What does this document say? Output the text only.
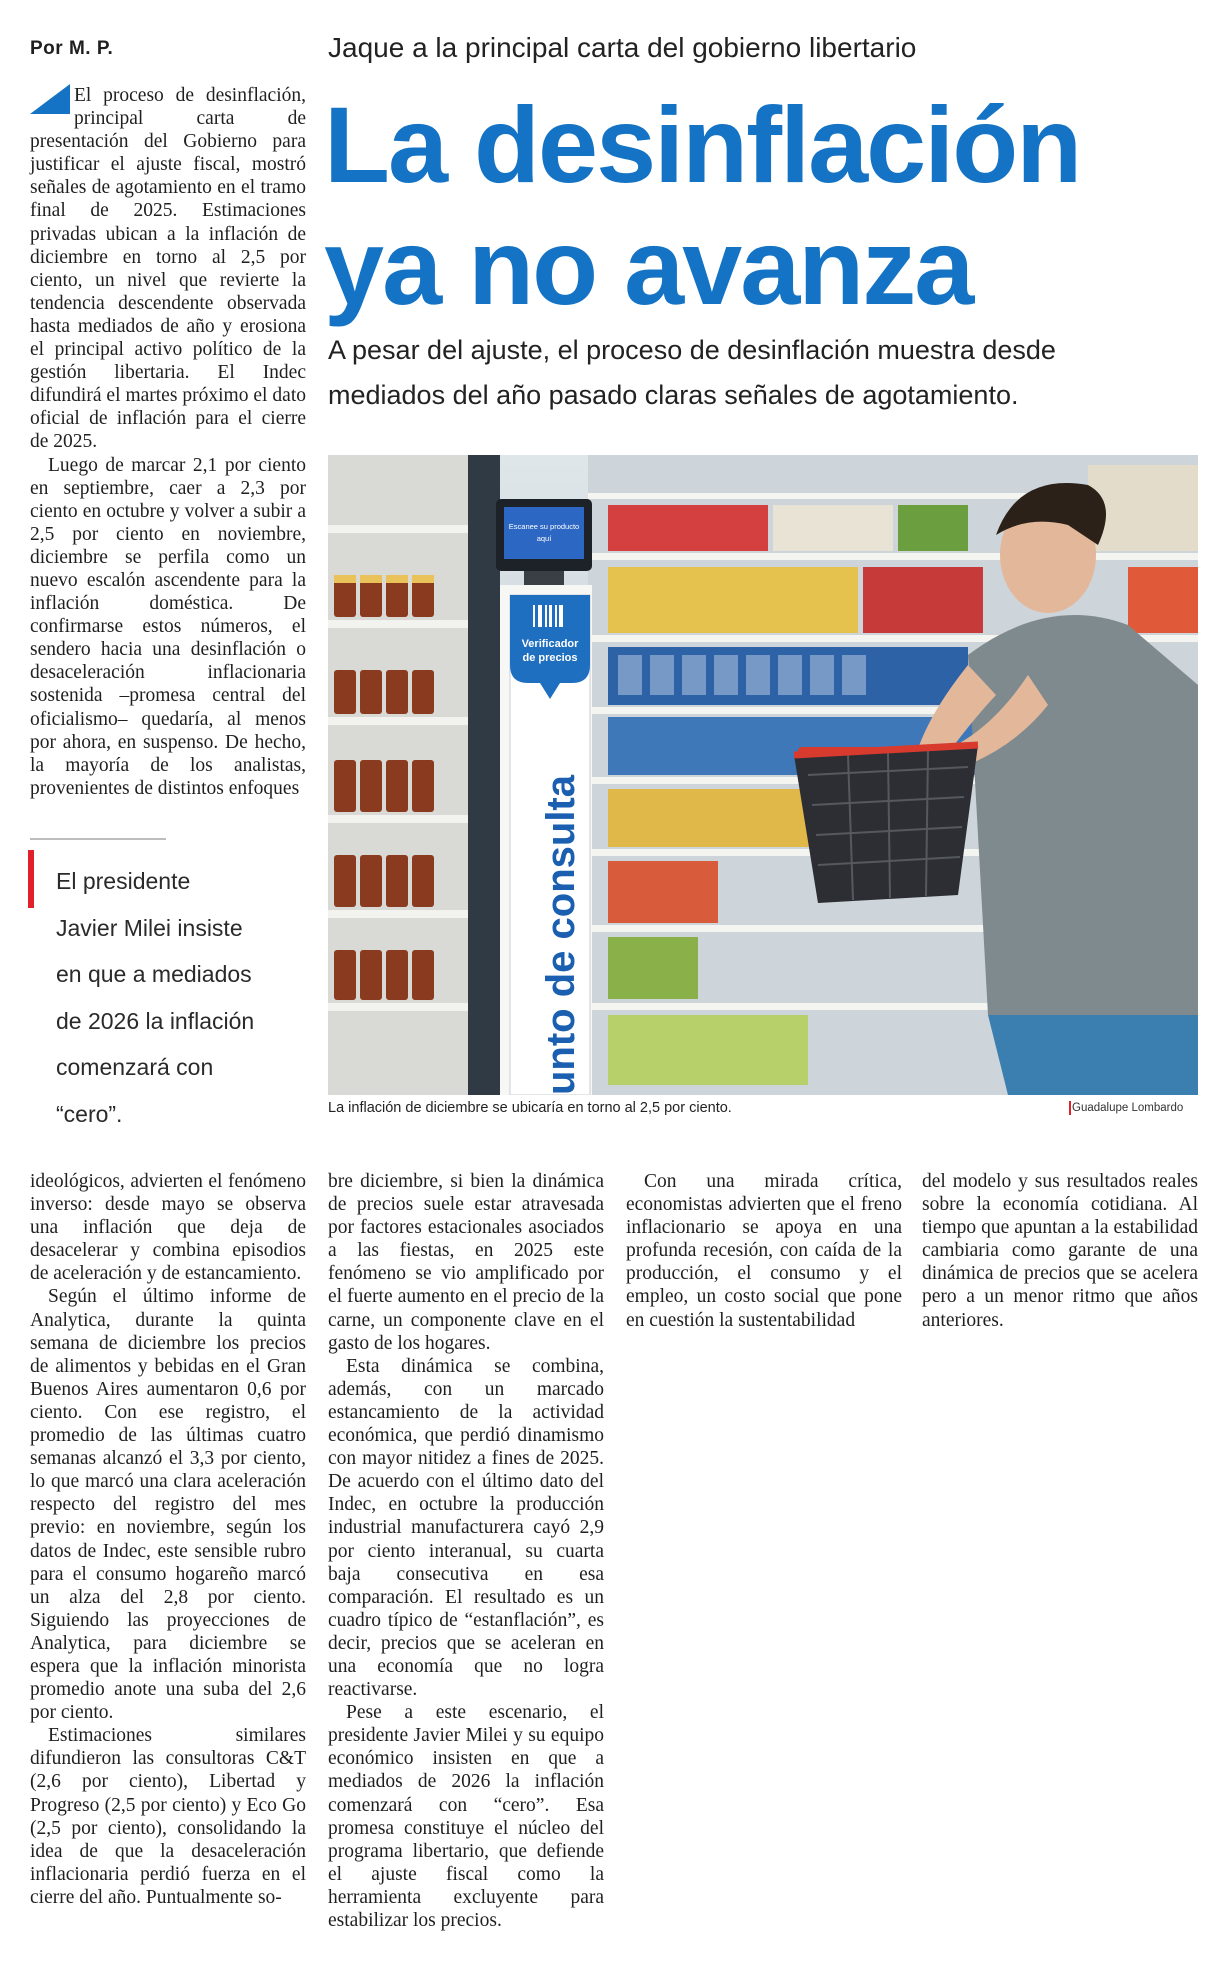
Por M. P.	Jaque a la principal carta del gobierno libertario
La desinflación
ya no avanza
A pesar del ajuste, el proceso de desinflación muestra desde
mediados del año pasado claras señales de agotamiento.

El proceso de desinflación, principal carta de presentación del Gobierno para justificar el ajuste fiscal, mostró señales de agotamiento en el tramo final de 2025. Estimaciones privadas ubican a la inflación de diciembre en torno al 2,5 por ciento, un nivel que revierte la tendencia descendente observada hasta mediados de año y erosiona el principal activo político de la gestión libertaria. El Indec difundirá el martes próximo el dato oficial de inflación para el cierre de 2025.

Luego de marcar 2,1 por ciento en septiembre, caer a 2,3 por ciento en octubre y volver a subir a 2,5 por ciento en noviembre, diciembre se perfila como un nuevo escalón ascendente para la inflación doméstica. De confirmarse estos números, el sendero hacia una desinflación o desaceleración inflacionaria sostenida –promesa central del oficialismo– quedaría, al menos por ahora, en suspenso. De hecho, la mayoría de los analistas, provenientes de distintos enfoques

El presidente
Javier Milei insiste
en que a mediados
de 2026 la inflación
comenzará con
“cero”.
Escanee su producto
aquí
Verificador
de precios
unto de consulta
La inflación de diciembre se ubicaría en torno al 2,5 por ciento.	Guadalupe Lombardo

ideológicos, advierten el fenómeno inverso: desde mayo se observa una inflación que deja de desacelerar y combina episodios de aceleración y de estancamiento.

Según el último informe de Analytica, durante la quinta semana de diciembre los precios de alimentos y bebidas en el Gran Buenos Aires aumentaron 0,6 por ciento. Con ese registro, el promedio de las últimas cuatro semanas alcanzó el 3,3 por ciento, lo que marcó una clara aceleración respecto del registro del mes previo: en noviembre, según los datos de Indec, este sensible rubro para el consumo hogareño marcó un alza del 2,8 por ciento. Siguiendo las proyecciones de Analytica, para diciembre se espera que la inflación minorista promedio anote una suba del 2,6 por ciento.

Estimaciones similares difundieron las consultoras C&T (2,6 por ciento), Libertad y Progreso (2,5 por ciento) y Eco Go (2,5 por ciento), consolidando la idea de que la desaceleración inflacionaria perdió fuerza en el cierre del año. Puntualmente so-

bre diciembre, si bien la dinámica de precios suele estar atravesada por factores estacionales asociados a las fiestas, en 2025 este fenómeno se vio amplificado por el fuerte aumento en el precio de la carne, un componente clave en el gasto de los hogares.

Esta dinámica se combina, además, con un marcado estancamiento de la actividad económica, que perdió dinamismo con mayor nitidez a fines de 2025. De acuerdo con el último dato del Indec, en octubre la producción industrial manufacturera cayó 2,9 por ciento interanual, su cuarta baja consecutiva en esa comparación. El resultado es un cuadro típico de “estanflación”, es decir, precios que se aceleran en una economía que no logra reactivarse.

Pese a este escenario, el presidente Javier Milei y su equipo económico insisten en que a mediados de 2026 la inflación comenzará con “cero”. Esa promesa constituye el núcleo del programa libertario, que defiende el ajuste fiscal como la herramienta excluyente para estabilizar los precios.

Con una mirada crítica, economistas advierten que el freno inflacionario se apoya en una profunda recesión, con caída de la producción, el consumo y el empleo, un costo social que pone en cuestión la sustentabilidad

del modelo y sus resultados reales sobre la economía cotidiana. Al tiempo que apuntan a la estabilidad cambiaria como garante de una dinámica de precios que se acelera pero a un menor ritmo que años anteriores.
